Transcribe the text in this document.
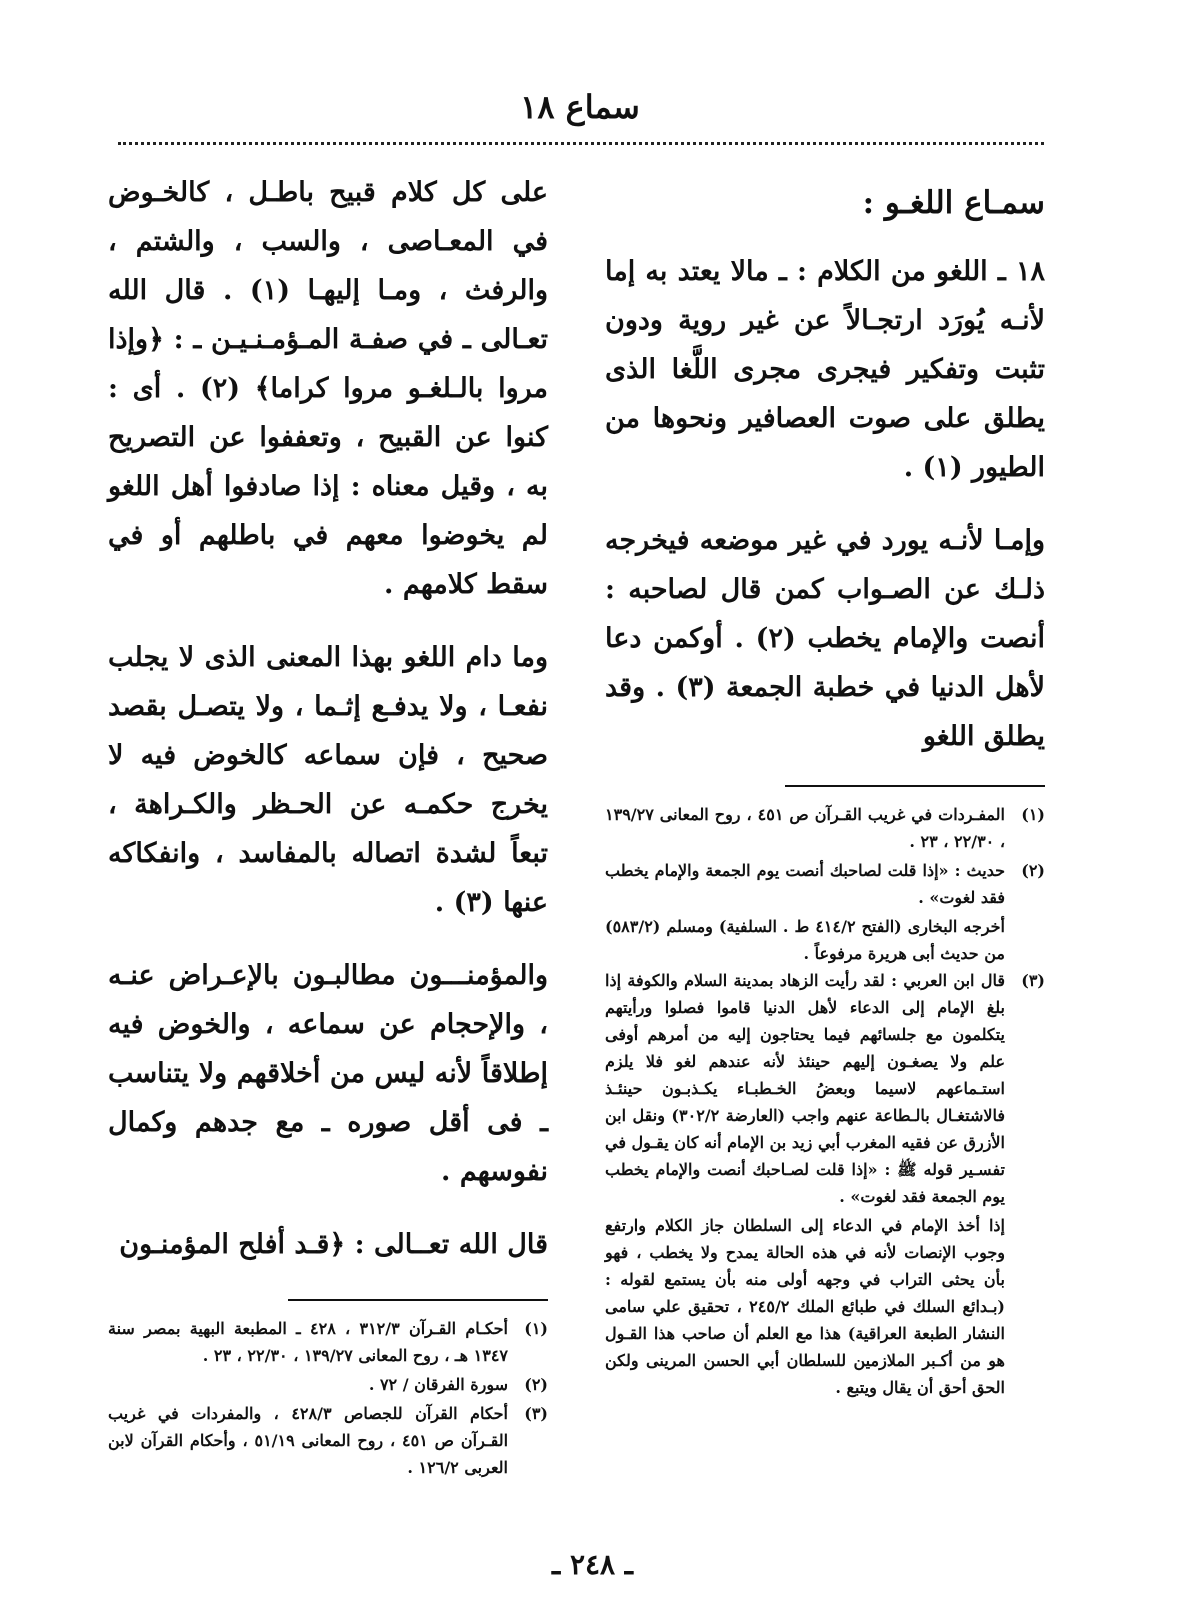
سماع ١٨
سمـاع اللغـو :

١٨ ـ اللغو من الكلام : ـ مالا يعتد به إما لأنـه يُورَد ارتجـالاً عن غير روية ودون تثبت وتفكير فيجرى مجرى اللَّغا الذى يطلق على صوت العصافير ونحوها من الطيور (١) .

وإمـا لأنـه يورد في غير موضعه فيخرجه ذلـك عن الصـواب كمن قال لصاحبه : أنصت والإمام يخطب (٢) . أوكمن دعا لأهل الدنيا في خطبة الجمعة (٣) . وقد يطلق اللغو

(١)
المفـردات في غريب القـرآن ص ٤٥١ ، روح المعانى ١٣٩/٢٧ ، ٢٢/٣٠ ، ٢٣ .
(٢)
حديث : «إذا قلت لصاحبك أنصت يوم الجمعة والإمام يخطب فقد لغوت» .
أخرجه البخارى (الفتح ٤١٤/٢ ط . السلفية) ومسلم (٥٨٣/٢) من حديث أبى هريرة مرفوعاً .
(٣)
قال ابن العربي : لقد رأيت الزهاد بمدينة السلام والكوفة إذا بلغ الإمام إلى الدعاء لأهل الدنيا قاموا فصلوا ورأيتهم يتكلمون مع جلسائهم فيما يحتاجون إليه من أمرهم أوفى علم ولا يصغـون إليهم حينئذ لأنه عندهم لغو فلا يلزم استـماعهم لاسيما وبعضُ الخـطبـاء يكـذبـون حينئـذ فالاشتغـال بالـطاعة عنهم واجب (العارضة ٣٠٢/٢) ونقل ابن الأزرق عن فقيه المغرب أبي زيد بن الإمام أنه كان يقـول في تفسـير قوله ﷺ : «إذا قلت لصـاحبك أنصت والإمام يخطب يوم الجمعة فقد لغوت» .
إذا أخذ الإمام في الدعاء إلى السلطان جاز الكلام وارتفع وجوب الإنصات لأنه في هذه الحالة يمدح ولا يخطب ، فهو بأن يحثى التراب في وجهه أولى منه بأن يستمع لقوله : (بـدائع السلك في طبائع الملك ٢٤٥/٢ ، تحقيق علي سامى النشار الطبعة العراقية) هذا مع العلم أن صاحب هذا القـول هو من أكـبر الملازمين للسلطان أبي الحسن المرينى ولكن الحق أحق أن يقال ويتبع .

على كل كلام قبيح باطـل ، كالخـوض في المعـاصى ، والسب ، والشتم ، والرفث ، ومـا إليهـا (١) . قال الله تعـالى ـ في صفـة المـؤمـنـيـن ـ : ﴿وإذا مروا بالـلغـو مروا كراما﴾ (٢) . أى : كنوا عن القبيح ، وتعففوا عن التصريح به ، وقيل معناه : إذا صادفوا أهل اللغو لم يخوضوا معهم في باطلهم أو في سقط كلامهم .

وما دام اللغو بهذا المعنى الذى لا يجلب نفعـا ، ولا يدفـع إثـما ، ولا يتصـل بقصد صحيح ، فإن سماعه كالخوض فيه لا يخرج حكمـه عن الحـظر والكـراهة ، تبعاً لشدة اتصاله بالمفاسد ، وانفكاكه عنها (٣) .

والمؤمنـــون مطالبـون بالإعـراض عنـه ، والإحجام عن سماعه ، والخوض فيه إطلاقاً لأنه ليس من أخلاقهم ولا يتناسب ـ فى أقل صوره ـ مع جدهم وكمال نفوسهم .

قال الله تعــالى : ﴿قـد أفلح المؤمنـون

(١)
أحكـام القـرآن ٣١٢/٣ ، ٤٢٨ ـ المطبعة البهية بمصر سنة ١٣٤٧ هـ ، روح المعانى ١٣٩/٢٧ ، ٢٢/٣٠ ، ٢٣ .
(٢)
سورة الفرقان / ٧٢ .
(٣)
أحكام القرآن للجصاص ٤٢٨/٣ ، والمفردات في غريب القـرآن ص ٤٥١ ، روح المعانى ٥١/١٩ ، وأحكام القرآن لابن العربى ١٢٦/٢ .
ـ ٢٤٨ ـ
